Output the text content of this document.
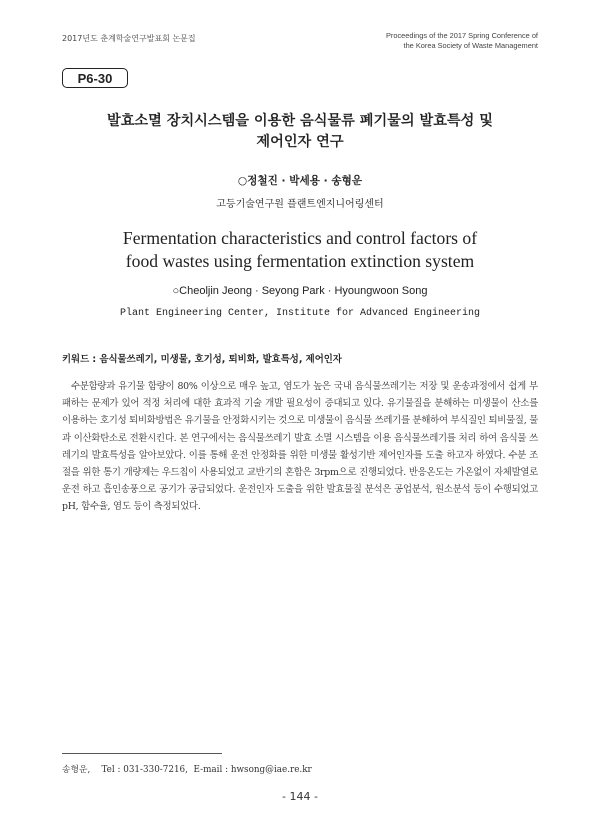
2017년도 춘계학술연구발표회 논문집	Proceedings of the 2017 Spring Conference of
the Korea Society of Waste Management
P6-30
발효소멸 장치시스템을 이용한 음식물류 폐기물의 발효특성 및
제어인자 연구
○정철진 · 박세용 · 송형운
고등기술연구원 플랜트엔지니어링센터
Fermentation characteristics and control factors of
food wastes using fermentation extinction system
○Cheoljin Jeong · Seyong Park · Hyoungwoon Song
Plant Engineering Center, Institute for Advanced Engineering
키워드 : 음식물쓰레기, 미생물, 호기성, 퇴비화, 발효특성, 제어인자

수분함량과 유기물 함량이 80% 이상으로 매우 높고, 염도가 높은 국내 음식물쓰레기는 저장 및 운송과정에서 쉽게 부패하는 문제가 있어 적정 처리에 대한 효과적 기술 개발 필요성이 증대되고 있다. 유기물질을 분해하는 미생물이 산소를 이용하는 호기성 퇴비화방법은 유기물을 안정화시키는 것으로 미생물이 음식물 쓰레기를 분해하여 부식질인 퇴비물질, 물과 이산화탄소로 전환시킨다. 본 연구에서는 음식물쓰레기 발효 소멸 시스템을 이용 음식물쓰레기를 처리 하여 음식물 쓰레기의 발효특성을 알아보았다. 이를 통해 운전 안정화를 위한 미생물 활성기반 제어인자를 도출 하고자 하였다. 수분 조절을 위한 통기 개량제는 우드칩이 사용되었고 교반기의 혼합은 3rpm으로 진행되었다. 반응온도는 가온없이 자체발열로 운전 하고 흡인송풍으로 공기가 공급되었다. 운전인자 도출을 위한 발효물질 분석은 공업분석, 원소분석 등이 수행되었고 pH, 함수율, 염도 등이 측정되었다.

송형운,    Tel : 031-330-7216,  E-mail : hwsong@iae.re.kr
- 144 -
